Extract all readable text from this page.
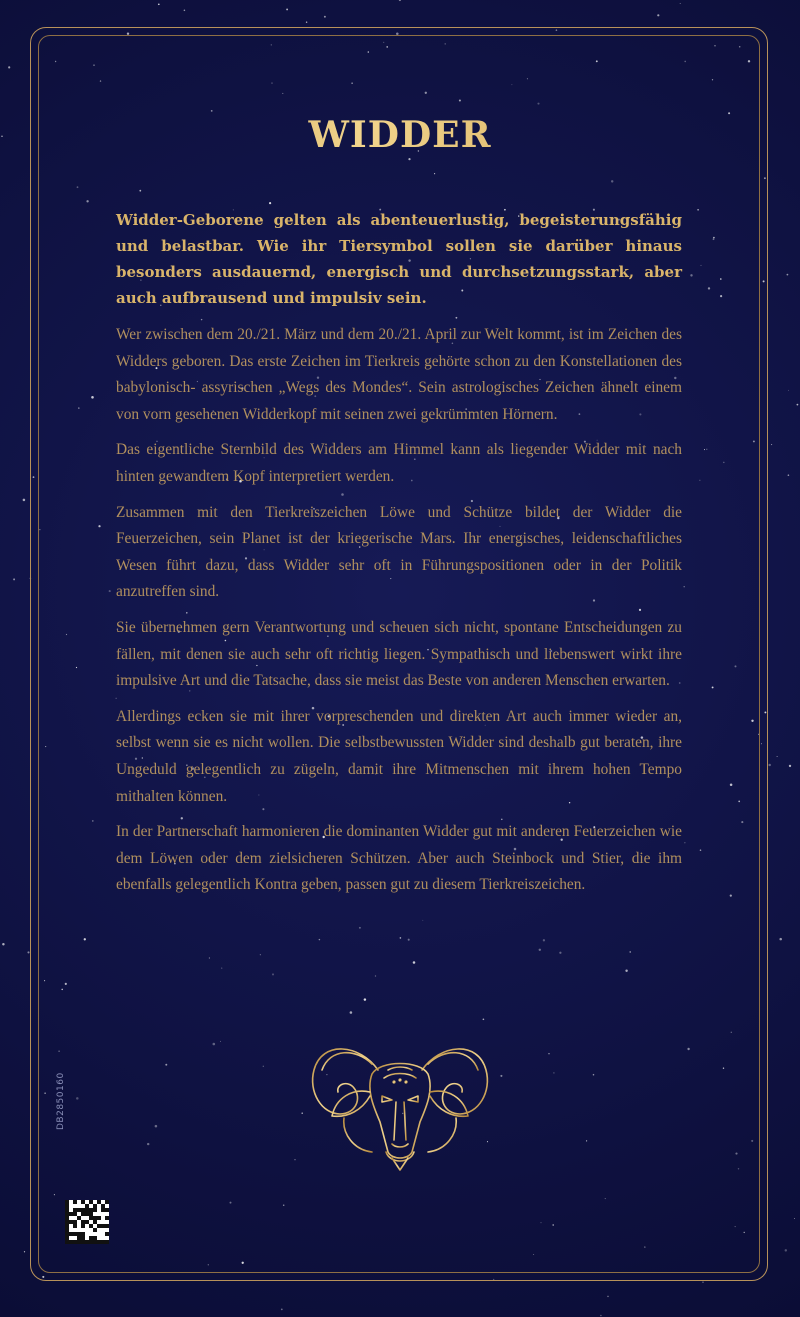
WIDDER

Widder-Geborene gelten als abenteuerlustig, begeisterungsfähig und belastbar. Wie ihr Tiersymbol sollen sie darüber hinaus besonders ausdauernd, energisch und durchsetzungsstark, aber auch aufbrausend und impulsiv sein.

Wer zwischen dem 20./21. März und dem 20./21. April zur Welt kommt, ist im Zeichen des Widders geboren. Das erste Zeichen im Tierkreis gehörte schon zu den Konstellationen des babylonisch- assyrischen „Wegs des Mondes“. Sein astrologisches Zeichen ähnelt einem von vorn gesehenen Widderkopf mit seinen zwei gekrümmten Hörnern.

Das eigentliche Sternbild des Widders am Himmel kann als liegender Widder mit nach hinten gewandtem Kopf interpretiert werden.

Zusammen mit den Tierkreiszeichen Löwe und Schütze bildet der Widder die Feuerzeichen, sein Planet ist der kriegerische Mars. Ihr energisches, leidenschaftliches Wesen führt dazu, dass Widder sehr oft in Führungspositionen oder in der Politik anzutreffen sind.

Sie übernehmen gern Verantwortung und scheuen sich nicht, spontane Entscheidungen zu fällen, mit denen sie auch sehr oft richtig liegen. Sympathisch und liebenswert wirkt ihre impulsive Art und die Tatsache, dass sie meist das Beste von anderen Menschen erwarten.

Allerdings ecken sie mit ihrer vorpreschenden und direkten Art auch immer wieder an, selbst wenn sie es nicht wollen. Die selbstbewussten Widder sind deshalb gut beraten, ihre Ungeduld gelegentlich zu zügeln, damit ihre Mitmenschen mit ihrem hohen Tempo mithalten können.

In der Partnerschaft harmonieren die dominanten Widder gut mit anderen Feuerzeichen wie dem Löwen oder dem zielsicheren Schützen. Aber auch Steinbock und Stier, die ihm ebenfalls gelegentlich Kontra geben, passen gut zu diesem Tierkreiszeichen.

DB2850160
